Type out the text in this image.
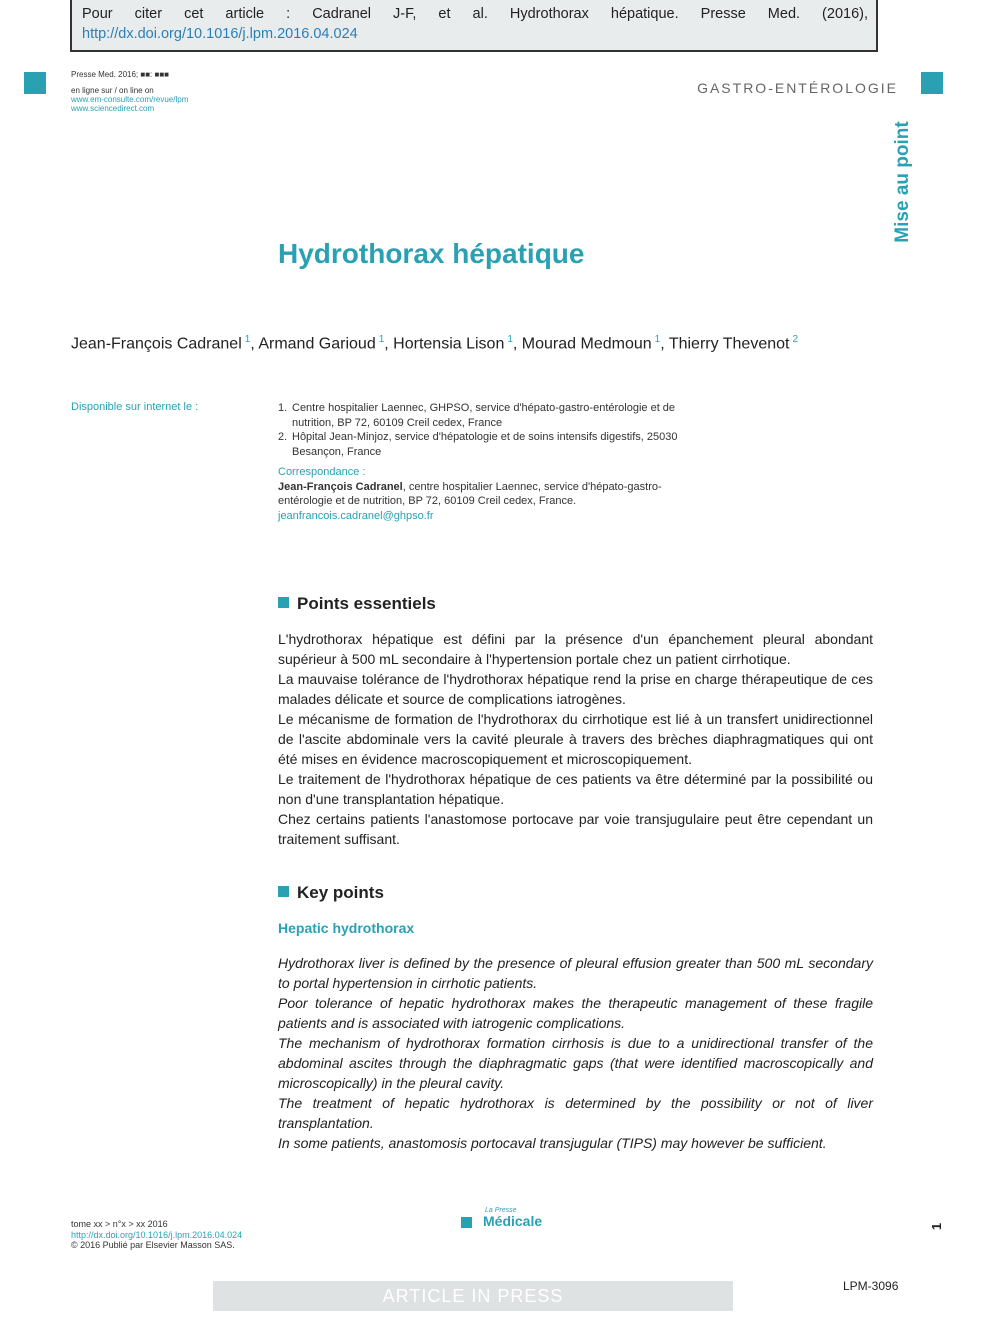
Pour citer cet article : Cadranel J-F, et al. Hydrothorax hépatique. Presse Med. (2016), http://dx.doi.org/10.1016/j.lpm.2016.04.024
Presse Med. 2016; ■■: ■■■
en ligne sur / on line on
www.em-consulte.com/revue/lpm
www.sciencedirect.com
GASTRO-ENTÉROLOGIE
Mise au point
Hydrothorax hépatique
Jean-François Cadranel $^1$, Armand Garioud $^1$, Hortensia Lison $^1$, Mourad Medmoun $^1$, Thierry Thevenot $^2$
Disponible sur internet le :	1. Centre hospitalier Laennec, GHPSO, service d'hépato-gastro-entérologie et de nutrition, BP 72, 60109 Creil cedex, France
2. Hôpital Jean-Minjoz, service d'hépatologie et de soins intensifs digestifs, 25030 Besançon, France
Correspondance :
Jean-François Cadranel, centre hospitalier Laennec, service d'hépato-gastro-entérologie et de nutrition, BP 72, 60109 Creil cedex, France.
jeanfrancois.cadranel@ghpso.fr
Points essentiels

L'hydrothorax hépatique est défini par la présence d'un épanchement pleural abondant supérieur à 500 mL secondaire à l'hypertension portale chez un patient cirrhotique.

La mauvaise tolérance de l'hydrothorax hépatique rend la prise en charge thérapeutique de ces malades délicate et source de complications iatrogènes.

Le mécanisme de formation de l'hydrothorax du cirrhotique est lié à un transfert unidirectionnel de l'ascite abdominale vers la cavité pleurale à travers des brèches diaphragmatiques qui ont été mises en évidence macroscopiquement et microscopiquement.

Le traitement de l'hydrothorax hépatique de ces patients va être déterminé par la possibilité ou non d'une transplantation hépatique.

Chez certains patients l'anastomose portocave par voie transjugulaire peut être cependant un traitement suffisant.

Key points
Hepatic hydrothorax

Hydrothorax liver is defined by the presence of pleural effusion greater than 500 mL secondary to portal hypertension in cirrhotic patients.

Poor tolerance of hepatic hydrothorax makes the therapeutic management of these fragile patients and is associated with iatrogenic complications.

The mechanism of hydrothorax formation cirrhosis is due to a unidirectional transfer of the abdominal ascites through the diaphragmatic gaps (that were identified macroscopically and microscopically) in the pleural cavity.

The treatment of hepatic hydrothorax is determined by the possibility or not of liver transplantation.

In some patients, anastomosis portocaval transjugular (TIPS) may however be sufficient.

tome xx > n°x > xx 2016
http://dx.doi.org/10.1016/j.lpm.2016.04.024
© 2016 Publié par Elsevier Masson SAS.
La Presse
Médicale	1
ARTICLE IN PRESS	LPM-3096
